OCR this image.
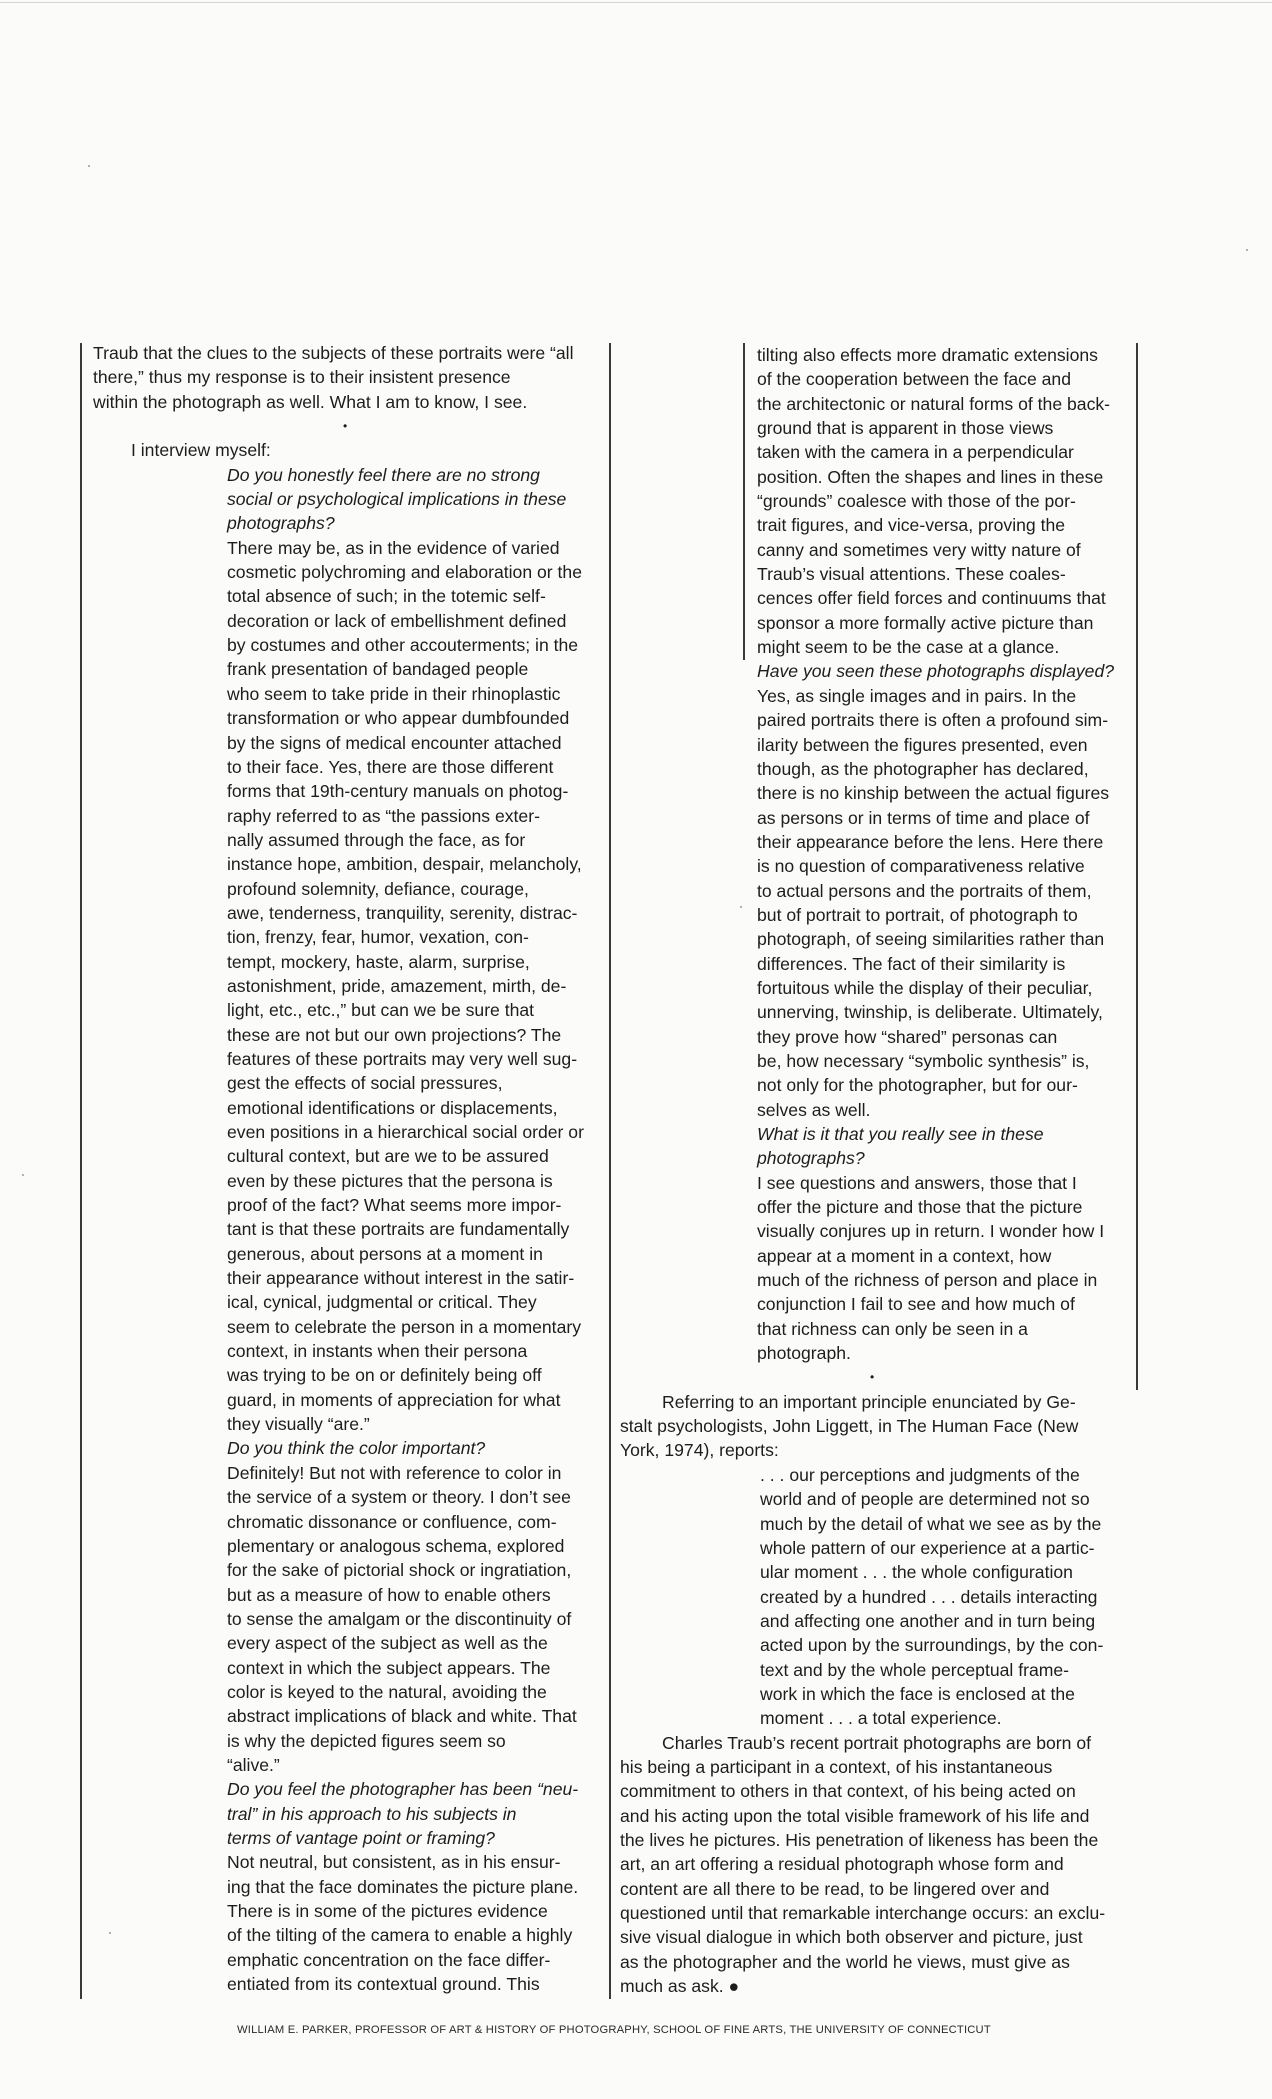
Traub that the clues to the subjects of these portraits were “all
there,” thus my response is to their insistent presence
within the photograph as well. What I am to know, I see.
•
I interview myself:
Do you honestly feel there are no strong
social or psychological implications in these
photographs?
There may be, as in the evidence of varied
cosmetic polychroming and elaboration or the
total absence of such; in the totemic self-
decoration or lack of embellishment defined
by costumes and other accouterments; in the
frank presentation of bandaged people
who seem to take pride in their rhinoplastic
transformation or who appear dumbfounded
by the signs of medical encounter attached
to their face. Yes, there are those different
forms that 19th-century manuals on photog-
raphy referred to as “the passions exter-
nally assumed through the face, as for
instance hope, ambition, despair, melancholy,
profound solemnity, defiance, courage,
awe, tenderness, tranquility, serenity, distrac-
tion, frenzy, fear, humor, vexation, con-
tempt, mockery, haste, alarm, surprise,
astonishment, pride, amazement, mirth, de-
light, etc., etc.,” but can we be sure that
these are not but our own projections? The
features of these portraits may very well sug-
gest the effects of social pressures,
emotional identifications or displacements,
even positions in a hierarchical social order or
cultural context, but are we to be assured
even by these pictures that the persona is
proof of the fact? What seems more impor-
tant is that these portraits are fundamentally
generous, about persons at a moment in
their appearance without interest in the satir-
ical, cynical, judgmental or critical. They
seem to celebrate the person in a momentary
context, in instants when their persona
was trying to be on or definitely being off
guard, in moments of appreciation for what
they visually “are.”
Do you think the color important?
Definitely! But not with reference to color in
the service of a system or theory. I don’t see
chromatic dissonance or confluence, com-
plementary or analogous schema, explored
for the sake of pictorial shock or ingratiation,
but as a measure of how to enable others
to sense the amalgam or the discontinuity of
every aspect of the subject as well as the
context in which the subject appears. The
color is keyed to the natural, avoiding the
abstract implications of black and white. That
is why the depicted figures seem so
“alive.”
Do you feel the photographer has been “neu-
tral” in his approach to his subjects in
terms of vantage point or framing?
Not neutral, but consistent, as in his ensur-
ing that the face dominates the picture plane.
There is in some of the pictures evidence
of the tilting of the camera to enable a highly
emphatic concentration on the face differ-
entiated from its contextual ground. This
tilting also effects more dramatic extensions
of the cooperation between the face and
the architectonic or natural forms of the back-
ground that is apparent in those views
taken with the camera in a perpendicular
position. Often the shapes and lines in these
“grounds” coalesce with those of the por-
trait figures, and vice-versa, proving the
canny and sometimes very witty nature of
Traub’s visual attentions. These coales-
cences offer field forces and continuums that
sponsor a more formally active picture than
might seem to be the case at a glance.
Have you seen these photographs displayed?
Yes, as single images and in pairs. In the
paired portraits there is often a profound sim-
ilarity between the figures presented, even
though, as the photographer has declared,
there is no kinship between the actual figures
as persons or in terms of time and place of
their appearance before the lens. Here there
is no question of comparativeness relative
to actual persons and the portraits of them,
but of portrait to portrait, of photograph to
photograph, of seeing similarities rather than
differences. The fact of their similarity is
fortuitous while the display of their peculiar,
unnerving, twinship, is deliberate. Ultimately,
they prove how “shared” personas can
be, how necessary “symbolic synthesis” is,
not only for the photographer, but for our-
selves as well.
What is it that you really see in these
photographs?
I see questions and answers, those that I
offer the picture and those that the picture
visually conjures up in return. I wonder how I
appear at a moment in a context, how
much of the richness of person and place in
conjunction I fail to see and how much of
that richness can only be seen in a
photograph.
•
Referring to an important principle enunciated by Ge-
stalt psychologists, John Liggett, in The Human Face (New
York, 1974), reports:
. . . our perceptions and judgments of the
world and of people are determined not so
much by the detail of what we see as by the
whole pattern of our experience at a partic-
ular moment . . . the whole configuration
created by a hundred . . . details interacting
and affecting one another and in turn being
acted upon by the surroundings, by the con-
text and by the whole perceptual frame-
work in which the face is enclosed at the
moment . . . a total experience.
Charles Traub’s recent portrait photographs are born of
his being a participant in a context, of his instantaneous
commitment to others in that context, of his being acted on
and his acting upon the total visible framework of his life and
the lives he pictures. His penetration of likeness has been the
art, an art offering a residual photograph whose form and
content are all there to be read, to be lingered over and
questioned until that remarkable interchange occurs: an exclu-
sive visual dialogue in which both observer and picture, just
as the photographer and the world he views, must give as
much as ask. ●
WILLIAM E. PARKER, PROFESSOR OF ART & HISTORY OF PHOTOGRAPHY, SCHOOL OF FINE ARTS, THE UNIVERSITY OF CONNECTICUT
